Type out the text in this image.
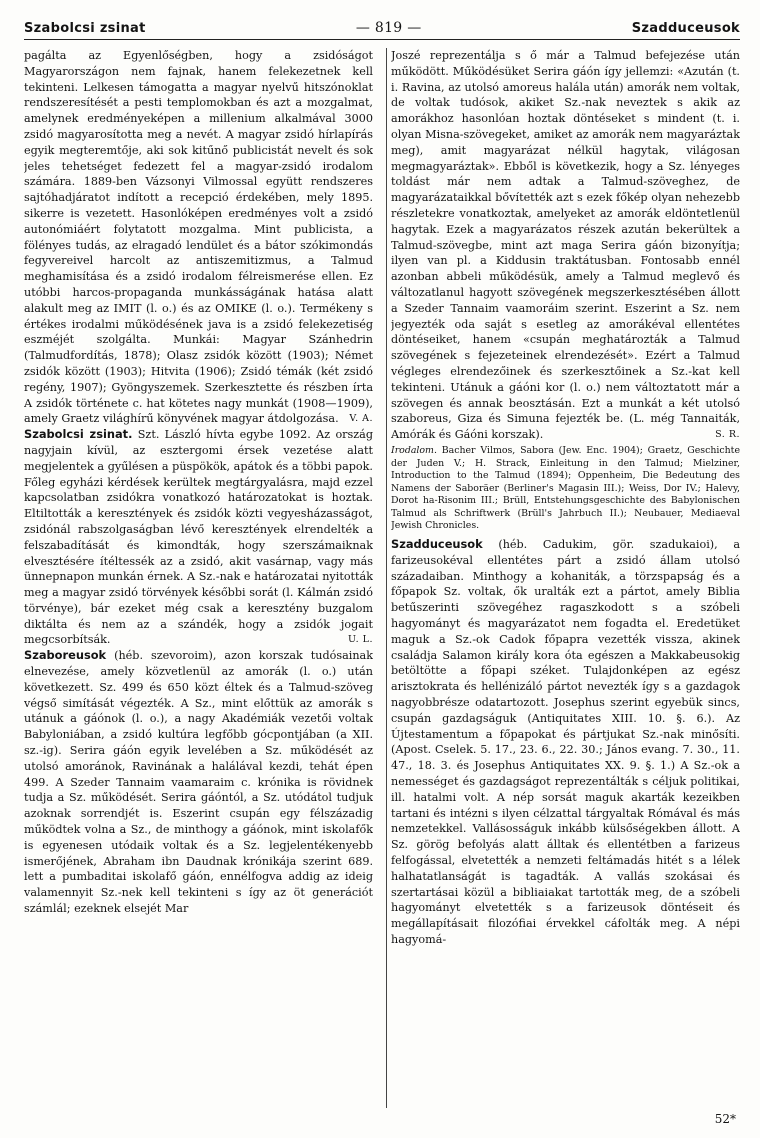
Szabolcsi zsinat	— 819 —	Szadduceusok

pagálta az Egyenlőségben, hogy a zsidóságot Magyarországon nem fajnak, hanem felekezetnek kell tekinteni. Lelkesen támogatta a magyar nyelvű hitszónoklat rendszeresítését a pesti templomokban és azt a mozgalmat, amelynek eredményeképen a millenium alkalmával 3000 zsidó magyarosította meg a nevét. A magyar zsidó hírlapírás egyik megteremtője, aki sok kitűnő publicistát nevelt és sok jeles tehetséget fedezett fel a magyar-zsidó irodalom számára. 1889-ben Vázsonyi Vilmossal együtt rendszeres sajtóhadjáratot indított a recepció érdekében, mely 1895. sikerre is vezetett. Hasonlóképen eredményes volt a zsidó autonómiáért folytatott mozgalma. Mint publicista, a fölényes tudás, az elragadó lendület és a bátor szókimondás fegyvereivel harcolt az antiszemitizmus, a Talmud meghamisítása és a zsidó irodalom félreismerése ellen. Ez utóbbi harcos-propaganda munkásságának hatása alatt alakult meg az IMIT (l. o.) és az OMIKE (l. o.). Termékeny s értékes irodalmi működésének java is a zsidó felekezetiség eszméjét szolgálta. Munkái: Magyar Szánhedrin (Talmudfordítás, 1878); Olasz zsidók között (1903); Német zsidók között (1903); Hitvita (1906); Zsidó témák (két zsidó regény, 1907); Gyöngyszemek. Szerkesztette és részben írta A zsidók története c. hat kötetes nagy munkát (1908—1909), amely Graetz világhírű könyvének magyar átdolgozása. V. A.

Szabolcsi zsinat. Szt. László hívta egybe 1092. Az ország nagyjain kívül, az esztergomi érsek vezetése alatt megjelentek a gyűlésen a püspökök, apátok és a többi papok. Főleg egyházi kérdések kerültek megtárgyalásra, majd ezzel kapcsolatban zsidókra vonatkozó határozatokat is hoztak. Eltiltották a keresztények és zsidók közti vegyesházasságot, zsidónál rabszolgaságban lévő keresztények elrendelték a felszabadítását és kimondták, hogy szerszámaiknak elvesztésére ítéltessék az a zsidó, akit vasárnap, vagy más ünnepnapon munkán érnek. A Sz.-nak e határozatai nyitották meg a magyar zsidó törvények későbbi sorát (l. Kálmán zsidó törvénye), bár ezeket még csak a keresztény buzgalom diktálta és nem az a szándék, hogy a zsidók jogait megcsorbítsák.	U. L.

Szaboreusok (héb. szevoroim), azon korszak tudósainak elnevezése, amely közvetlenül az amorák (l. o.) után következett. Sz. 499 és 650 közt éltek és a Talmud-szöveg végső simítását végezték. A Sz., mint előttük az amorák s utánuk a gáónok (l. o.), a nagy Akadémiák vezetői voltak Babyloniában, a zsidó kultúra legfőbb gócpontjában (a XII. sz.-ig). Serira gáón egyik levelében a Sz. működését az utolsó amoránok, Ravinának a halálával kezdi, tehát épen 499. A Szeder Tannaim vaamaraim c. krónika is rövidnek tudja a Sz. működését. Serira gáóntól, a Sz. utódátol tudjuk azoknak sorrendjét is. Eszerint csupán egy félszázadig működtek volna a Sz., de minthogy a gáónok, mint iskolafők is egyenesen utódaik voltak és a Sz. legjelentékenyebb ismerőjének, Abraham ibn Daudnak krónikája szerint 689. lett a pumbaditai iskolafő gáón, ennélfogva addig az ideig valamennyit Sz.-nek kell tekinteni s így az öt generációt számlál; ezeknek elsejét Mar

Joszé reprezentálja s ő már a Talmud befejezése után működött. Működésüket Serira gáón így jellemzi: «Azután (t. i. Ravina, az utolsó amoreus halála után) amorák nem voltak, de voltak tudósok, akiket Sz.-nak neveztek s akik az amorákhoz hasonlóan hoztak döntéseket s mindent (t. i. olyan Misna-szövegeket, amiket az amorák nem magyaráztak meg), amit magyarázat nélkül hagytak, világosan megmagyaráztak». Ebből is következik, hogy a Sz. lényeges toldást már nem adtak a Talmud-szöveghez, de magyarázataikkal bővítették azt s ezek főkép olyan nehezebb részletekre vonatkoztak, amelyeket az amorák eldöntetlenül hagytak. Ezek a magyarázatos részek azután bekerültek a Talmud-szövegbe, mint azt maga Serira gáón bizonyítja; ilyen van pl. a Kiddusin traktátusban. Fontosabb ennél azonban abbeli működésük, amely a Talmud meglevő és változatlanul hagyott szövegének megszerkesztésében állott a Szeder Tannaim vaamoráim szerint. Eszerint a Sz. nem jegyezték oda saját s esetleg az amorákéval ellentétes döntéseiket, hanem «csupán meghatározták a Talmud szövegének s fejezeteinek elrendezését». Ezért a Talmud végleges elrendezőinek és szerkesztőinek a Sz.-kat kell tekinteni. Utánuk a gáóni kor (l. o.) nem változtatott már a szövegen és annak beosztásán. Ezt a munkát a két utolsó szaboreus, Giza és Simuna fejezték be. (L. még Tannaiták, Amórák és Gáóni korszak).	S. R.

Irodalom. Bacher Vilmos, Sabora (Jew. Enc. 1904); Graetz, Geschichte der Juden V.; H. Strack, Einleitung in den Talmud; Mielziner, Introduction to the Talmud (1894); Oppenheim, Die Bedeutung des Namens der Saboräer (Berliner's Magasin III.); Weiss, Dor IV.; Halevy, Dorot ha-Risonim III.; Brüll, Entstehungsgeschichte des Babylonischen Talmud als Schriftwerk (Brüll's Jahrbuch II.); Neubauer, Mediaeval Jewish Chronicles.

Szadduceusok (héb. Cadukim, gör. szadukaioi), a farizeusokéval ellentétes párt a zsidó állam utolsó századaiban. Minthogy a kohaniták, a törzspapság és a főpapok Sz. voltak, ők uralták ezt a pártot, amely Biblia betűszerinti szövegéhez ragaszkodott s a szóbeli hagyományt és magyarázatot nem fogadta el. Eredetüket maguk a Sz.-ok Cadok főpapra vezették vissza, akinek családja Salamon király kora óta egészen a Makkabeusokig betöltötte a főpapi széket. Tulajdonképen az egész arisztokrata és hellénizáló pártot nevezték így s a gazdagok nagyobbrésze odatartozott. Josephus szerint egyebük sincs, csupán gazdagságuk (Antiquitates XIII. 10. §. 6.). Az Újtestamentum a főpapokat és pártjukat Sz.-nak minősíti. (Apost. Cselek. 5. 17., 23. 6., 22. 30.; János evang. 7. 30., 11. 47., 18. 3. és Josephus Antiquitates XX. 9. §. 1.) A Sz.-ok a nemességet és gazdagságot reprezentálták s céljuk politikai, ill. hatalmi volt. A nép sorsát maguk akarták kezeikben tartani és intézni s ilyen célzattal tárgyaltak Rómával és más nemzetekkel. Vallásosságuk inkább külsőségekben állott. A Sz. görög befolyás alatt álltak és ellentétben a farizeus felfogással, elvetették a nemzeti feltámadás hitét s a lélek halhatatlanságát is tagadták. A vallás szokásai és szertartásai közül a bibliaiakat tartották meg, de a szóbeli hagyományt elvetették s a farizeusok döntéseit és megállapításait filozófiai érvekkel cáfolták meg. A népi hagyomá-

52*
